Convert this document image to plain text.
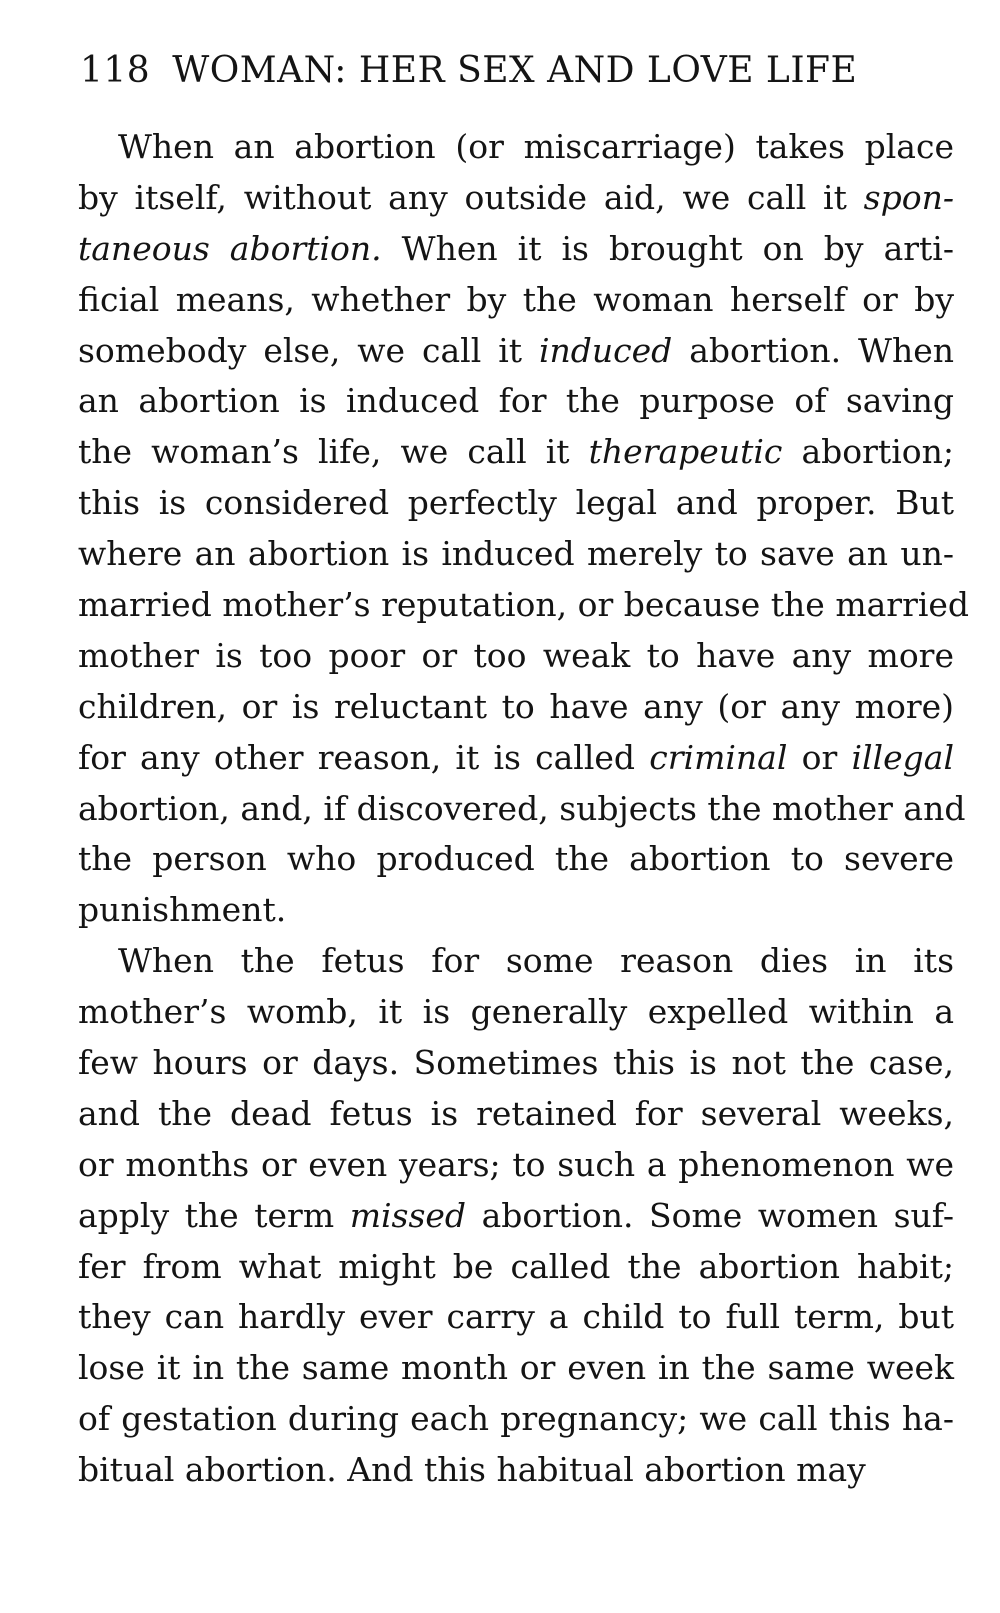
118 WOMAN: HER SEX AND LOVE LIFE
When an abortion (or miscarriage) takes place
by itself, without any outside aid, we call it spon-
taneous abortion. When it is brought on by arti-
ficial means, whether by the woman herself or by
somebody else, we call it induced abortion. When
an abortion is induced for the purpose of saving
the woman’s life, we call it therapeutic abortion;
this is considered perfectly legal and proper. But
where an abortion is induced merely to save an un-
married mother’s reputation, or because the married
mother is too poor or too weak to have any more
children, or is reluctant to have any (or any more)
for any other reason, it is called criminal or illegal
abortion, and, if discovered, subjects the mother and
the person who produced the abortion to severe
punishment.
When the fetus for some reason dies in its
mother’s womb, it is generally expelled within a
few hours or days. Sometimes this is not the case,
and the dead fetus is retained for several weeks,
or months or even years; to such a phenomenon we
apply the term missed abortion. Some women suf-
fer from what might be called the abortion habit;
they can hardly ever carry a child to full term, but
lose it in the same month or even in the same week
of gestation during each pregnancy; we call this ha-
bitual abortion. And this habitual abortion may
